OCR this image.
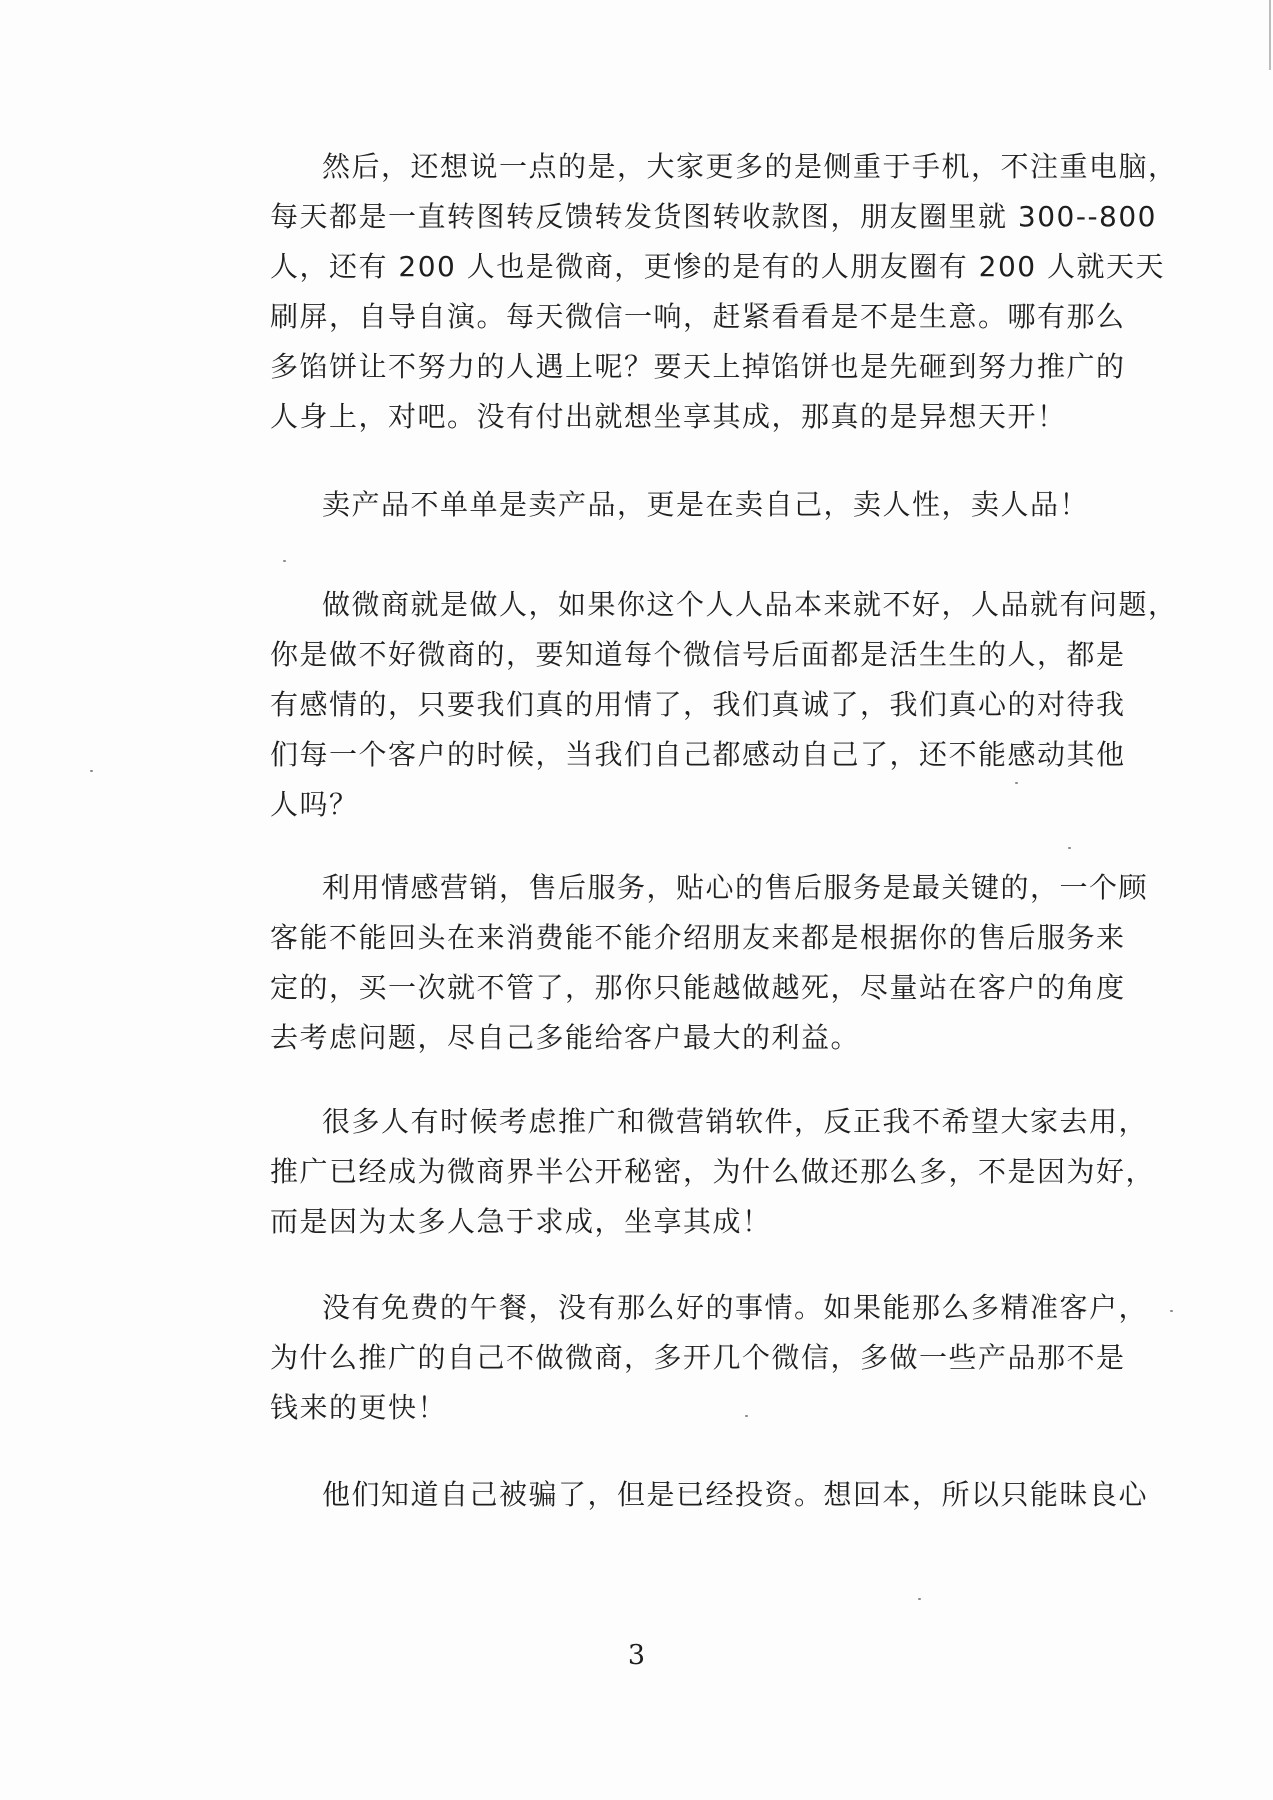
然后，还想说一点的是，大家更多的是侧重于手机，不注重电脑，
每天都是一直转图转反馈转发货图转收款图，朋友圈里就 300--800
人，还有 200 人也是微商，更惨的是有的人朋友圈有 200 人就天天
刷屏，自导自演。每天微信一响，赶紧看看是不是生意。哪有那么
多馅饼让不努力的人遇上呢？要天上掉馅饼也是先砸到努力推广的
人身上，对吧。没有付出就想坐享其成，那真的是异想天开！
卖产品不单单是卖产品，更是在卖自己，卖人性，卖人品！
做微商就是做人，如果你这个人人品本来就不好，人品就有问题，
你是做不好微商的，要知道每个微信号后面都是活生生的人，都是
有感情的，只要我们真的用情了，我们真诚了，我们真心的对待我
们每一个客户的时候，当我们自己都感动自己了，还不能感动其他
人吗？
利用情感营销，售后服务，贴心的售后服务是最关键的，一个顾
客能不能回头在来消费能不能介绍朋友来都是根据你的售后服务来
定的，买一次就不管了，那你只能越做越死，尽量站在客户的角度
去考虑问题，尽自己多能给客户最大的利益。
很多人有时候考虑推广和微营销软件，反正我不希望大家去用，
推广已经成为微商界半公开秘密，为什么做还那么多，不是因为好，
而是因为太多人急于求成，坐享其成！
没有免费的午餐，没有那么好的事情。如果能那么多精准客户，
为什么推广的自己不做微商，多开几个微信，多做一些产品那不是
钱来的更快！
他们知道自己被骗了，但是已经投资。想回本，所以只能昧良心
3
